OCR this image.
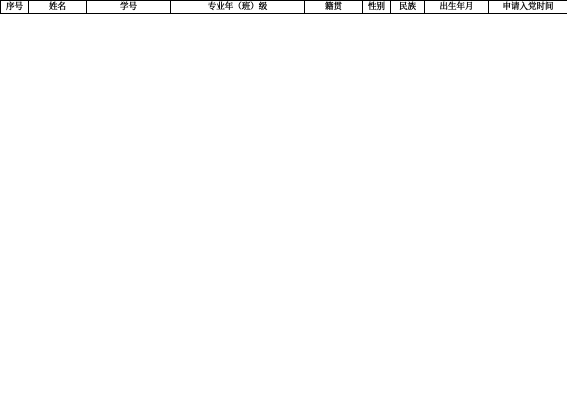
序号	姓名	学号	专业年（班）级	籍贯	性别	民族	出生年月	申请入党时间
